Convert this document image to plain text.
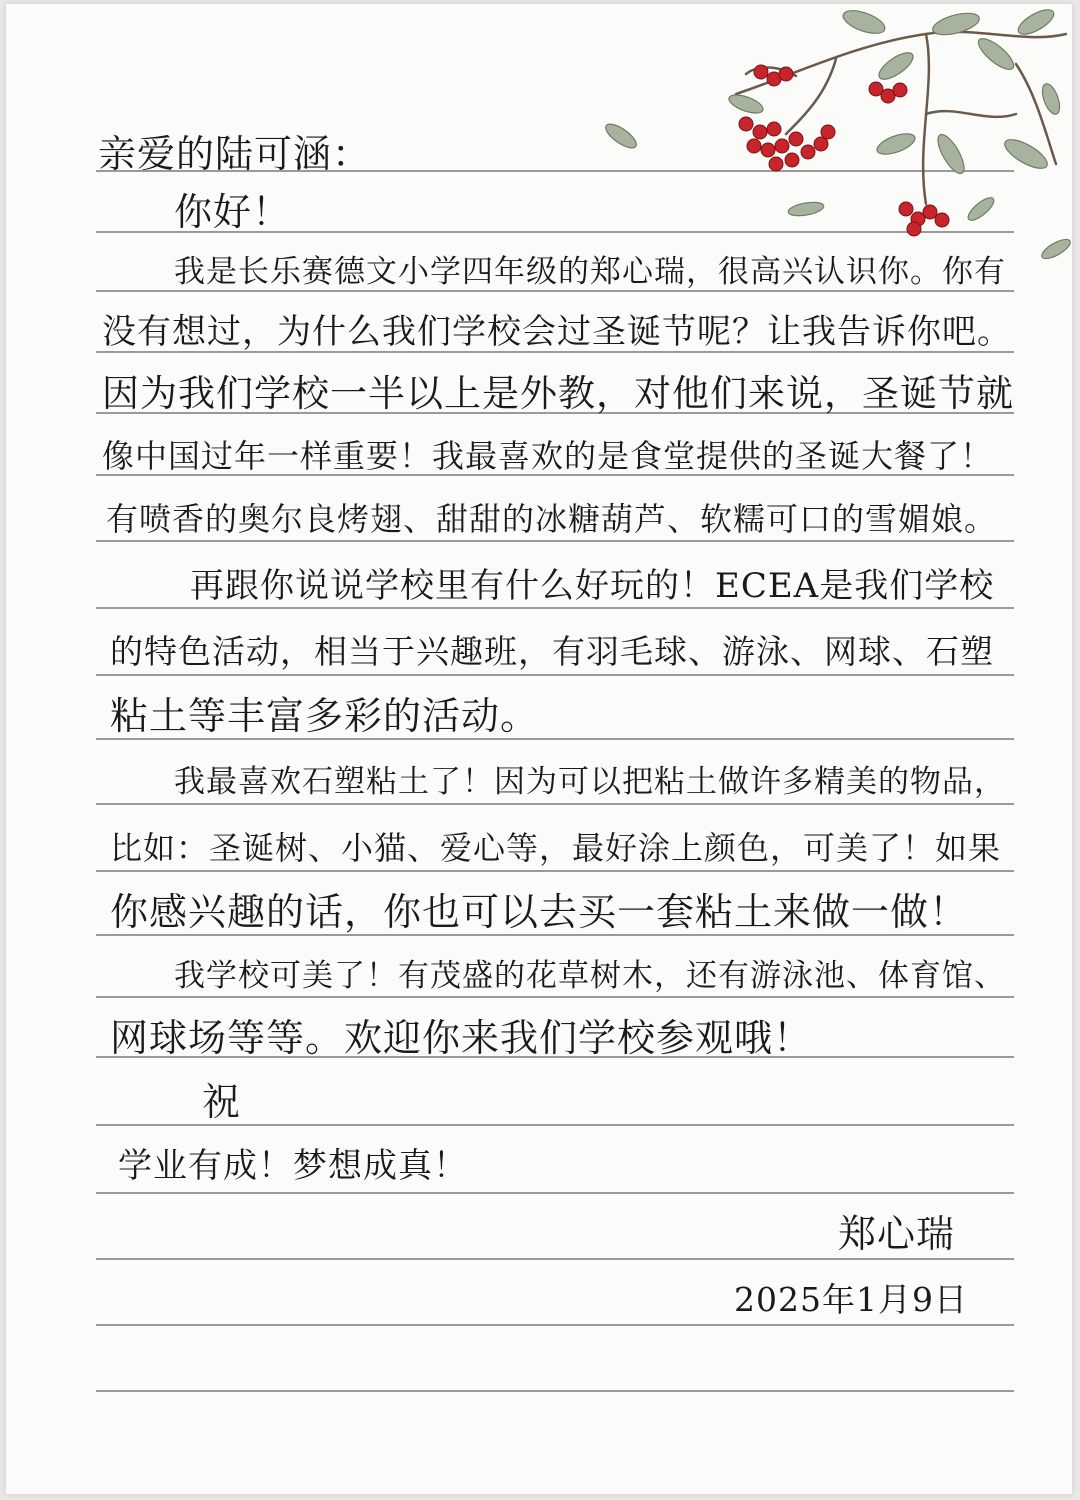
亲爱的陆可涵：
你好！
我是长乐赛德文小学四年级的郑心瑞，很高兴认识你。你有
没有想过，为什么我们学校会过圣诞节呢？让我告诉你吧。
因为我们学校一半以上是外教，对他们来说，圣诞节就
像中国过年一样重要！我最喜欢的是食堂提供的圣诞大餐了！
有喷香的奥尔良烤翅、甜甜的冰糖葫芦、软糯可口的雪媚娘。
再跟你说说学校里有什么好玩的！ECEA是我们学校
的特色活动，相当于兴趣班，有羽毛球、游泳、网球、石塑
粘土等丰富多彩的活动。
我最喜欢石塑粘土了！因为可以把粘土做许多精美的物品，
比如：圣诞树、小猫、爱心等，最好涂上颜色，可美了！如果
你感兴趣的话，你也可以去买一套粘土来做一做！
我学校可美了！有茂盛的花草树木，还有游泳池、体育馆、
网球场等等。欢迎你来我们学校参观哦！
祝
学业有成！梦想成真！
郑心瑞
2025年1月9日
